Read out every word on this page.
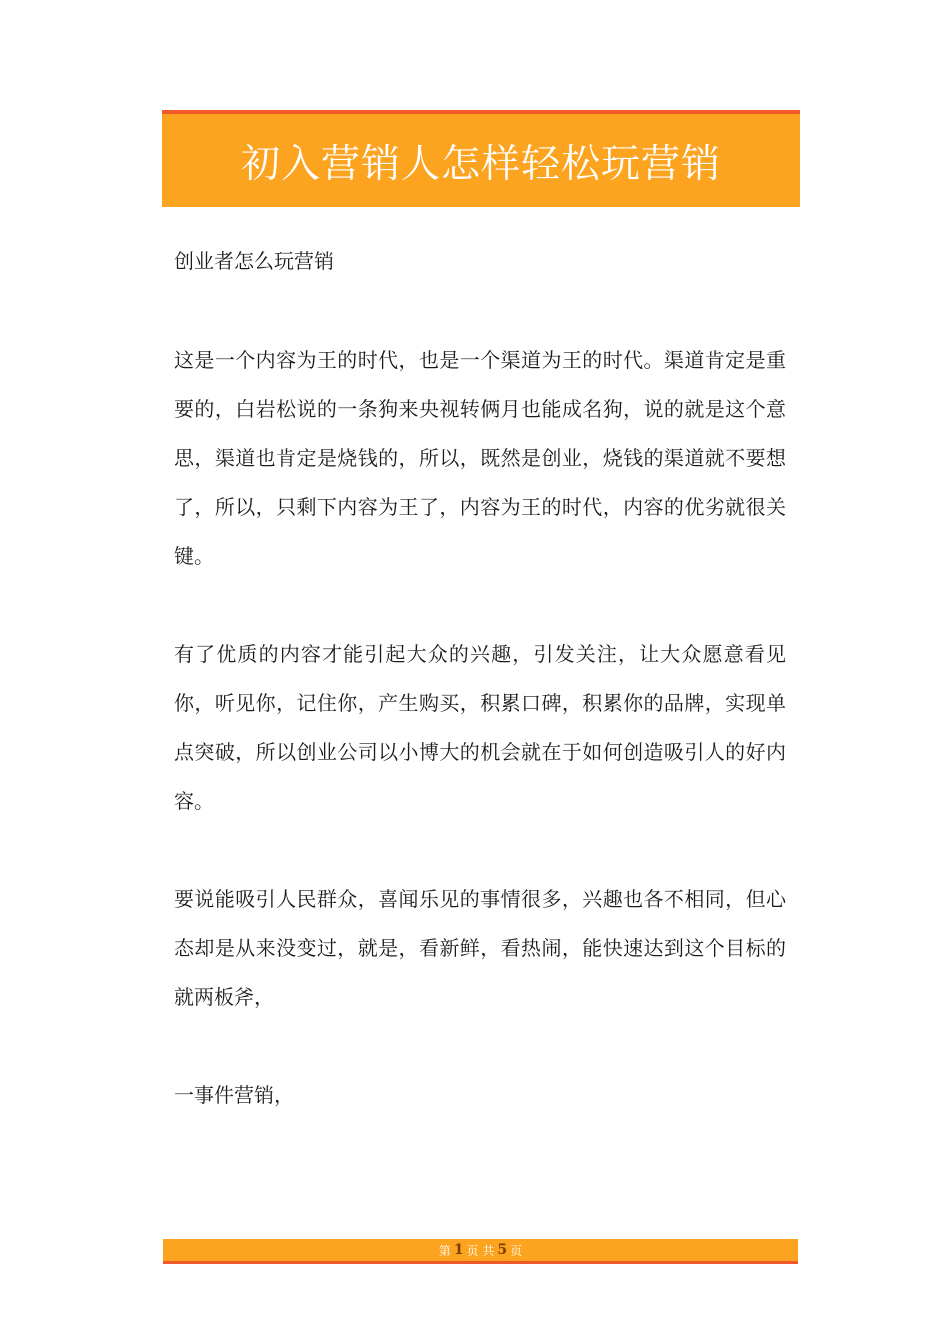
初入营销人怎样轻松玩营销

创业者怎么玩营销

这是一个内容为王的时代，也是一个渠道为王的时代。渠道肯定是重要的，白岩松说的一条狗来央视转俩月也能成名狗，说的就是这个意思，渠道也肯定是烧钱的，所以，既然是创业，烧钱的渠道就不要想了，所以，只剩下内容为王了，内容为王的时代，内容的优劣就很关键。

有了优质的内容才能引起大众的兴趣，引发关注，让大众愿意看见你，听见你，记住你，产生购买，积累口碑，积累你的品牌，实现单点突破，所以创业公司以小博大的机会就在于如何创造吸引人的好内容。

要说能吸引人民群众，喜闻乐见的事情很多，兴趣也各不相同，但心态却是从来没变过，就是，看新鲜，看热闹，能快速达到这个目标的就两板斧，

一事件营销，

第 1 页 共 5 页
